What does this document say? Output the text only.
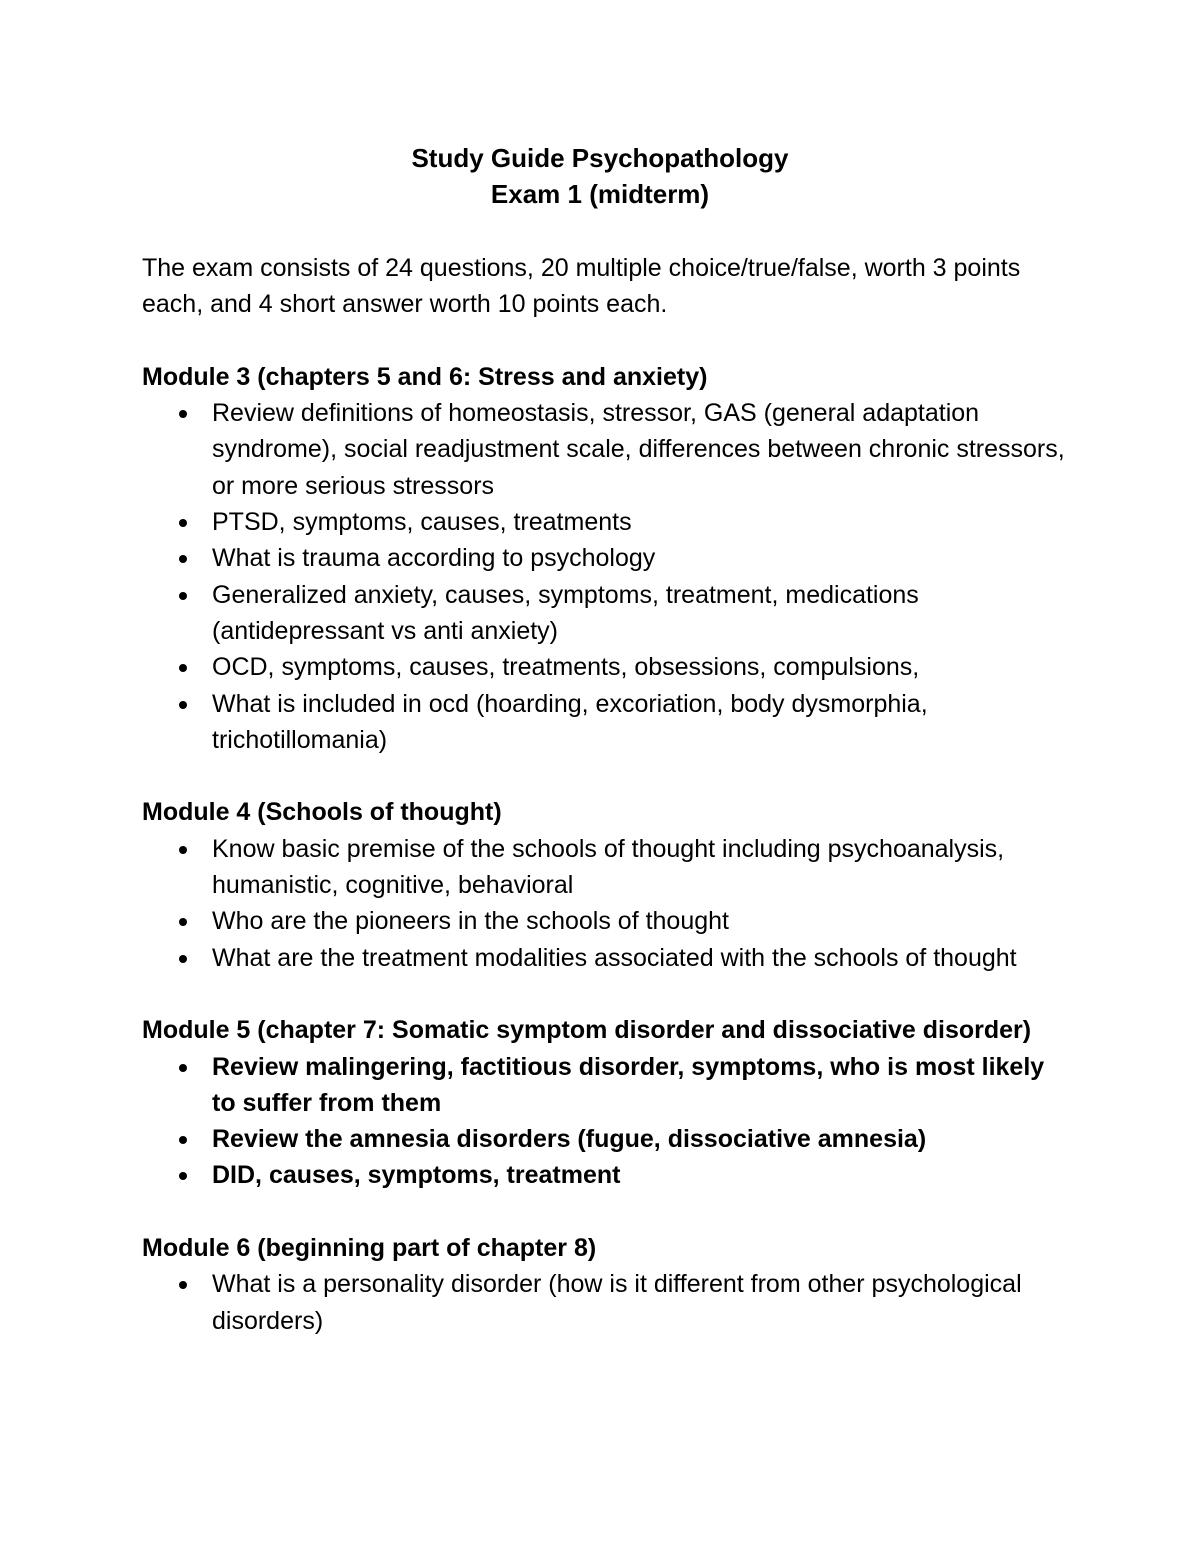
Study Guide Psychopathology
Exam 1 (midterm)

The exam consists of 24 questions, 20 multiple choice/true/false, worth 3 points each, and 4 short answer worth 10 points each.

Module 3 (chapters 5 and 6: Stress and anxiety)

Review definitions of homeostasis, stressor, GAS (general adaptation syndrome), social readjustment scale, differences between chronic stressors, or more serious stressors
PTSD, symptoms, causes, treatments
What is trauma according to psychology
Generalized anxiety, causes, symptoms, treatment, medications (antidepressant vs anti anxiety)
OCD, symptoms, causes, treatments, obsessions, compulsions,
What is included in ocd (hoarding, excoriation, body dysmorphia, trichotillomania)

Module 4 (Schools of thought)

Know basic premise of the schools of thought including psychoanalysis, humanistic, cognitive, behavioral
Who are the pioneers in the schools of thought
What are the treatment modalities associated with the schools of thought

Module 5 (chapter 7: Somatic symptom disorder and dissociative disorder)

Review malingering, factitious disorder, symptoms, who is most likely to suffer from them
Review the amnesia disorders (fugue, dissociative amnesia)
DID, causes, symptoms, treatment

Module 6 (beginning part of chapter 8)

What is a personality disorder (how is it different from other psychological disorders)
